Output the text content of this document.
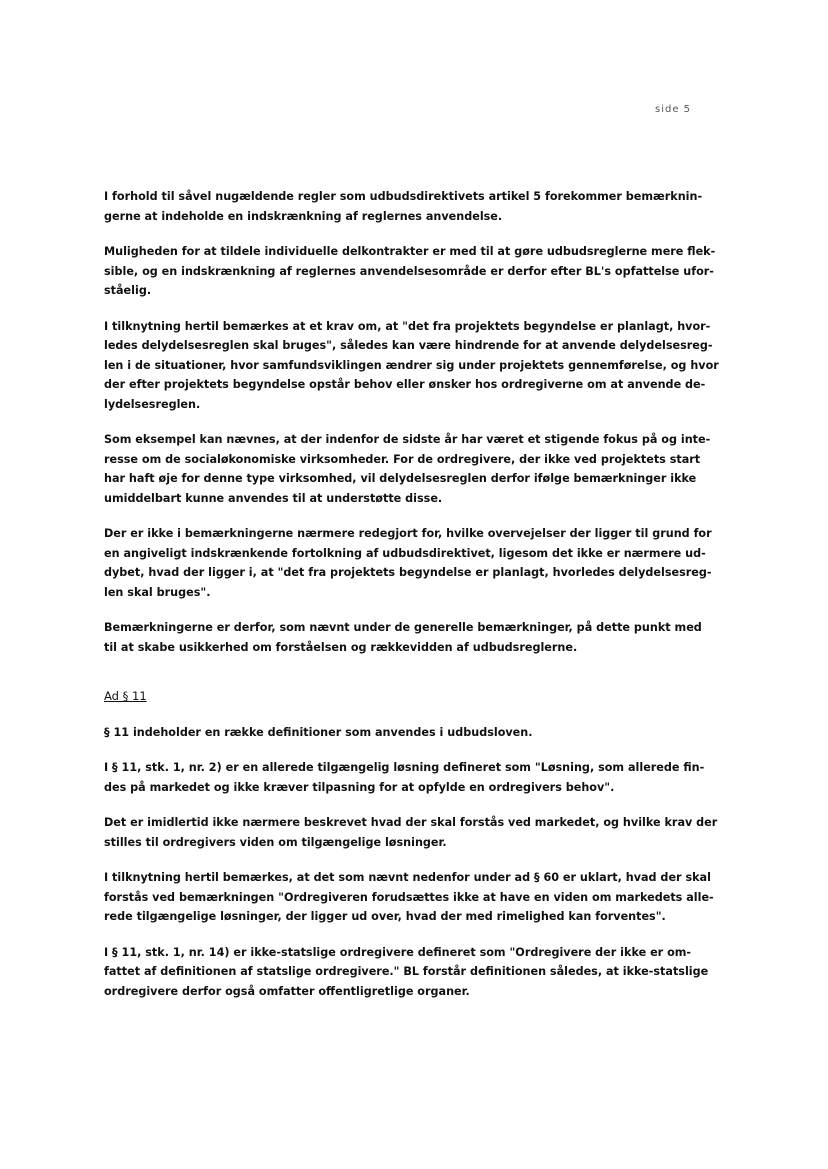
side 5
I forhold til såvel nugældende regler som udbudsdirektivets artikel 5 forekommer bemærknin-
gerne at indeholde en indskrænkning af reglernes anvendelse.
Muligheden for at tildele individuelle delkontrakter er med til at gøre udbudsreglerne mere flek-
sible, og en indskrænkning af reglernes anvendelsesområde er derfor efter BL's opfattelse ufor-
ståelig.
I tilknytning hertil bemærkes at et krav om, at "det fra projektets begyndelse er planlagt, hvor-
ledes delydelsesreglen skal bruges", således kan være hindrende for at anvende delydelsesreg-
len i de situationer, hvor samfundsviklingen ændrer sig under projektets gennemførelse, og hvor
der efter projektets begyndelse opstår behov eller ønsker hos ordregiverne om at anvende de-
lydelsesreglen.
Som eksempel kan nævnes, at der indenfor de sidste år har været et stigende fokus på og inte-
resse om de socialøkonomiske virksomheder. For de ordregivere, der ikke ved projektets start
har haft øje for denne type virksomhed, vil delydelsesreglen derfor ifølge bemærkninger ikke
umiddelbart kunne anvendes til at understøtte disse.
Der er ikke i bemærkningerne nærmere redegjort for, hvilke overvejelser der ligger til grund for
en angiveligt indskrænkende fortolkning af udbudsdirektivet, ligesom det ikke er nærmere ud-
dybet, hvad der ligger i, at "det fra projektets begyndelse er planlagt, hvorledes delydelsesreg-
len skal bruges".
Bemærkningerne er derfor, som nævnt under de generelle bemærkninger, på dette punkt med
til at skabe usikkerhed om forståelsen og rækkevidden af udbudsreglerne.
Ad § 11
§ 11 indeholder en række definitioner som anvendes i udbudsloven.
I § 11, stk. 1, nr. 2) er en allerede tilgængelig løsning defineret som "Løsning, som allerede fin-
des på markedet og ikke kræver tilpasning for at opfylde en ordregivers behov".
Det er imidlertid ikke nærmere beskrevet hvad der skal forstås ved markedet, og hvilke krav der
stilles til ordregivers viden om tilgængelige løsninger.
I tilknytning hertil bemærkes, at det som nævnt nedenfor under ad § 60 er uklart, hvad der skal
forstås ved bemærkningen "Ordregiveren forudsættes ikke at have en viden om markedets alle-
rede tilgængelige løsninger, der ligger ud over, hvad der med rimelighed kan forventes".
I § 11, stk. 1, nr. 14) er ikke-statslige ordregivere defineret som "Ordregivere der ikke er om-
fattet af definitionen af statslige ordregivere." BL forstår definitionen således, at ikke-statslige
ordregivere derfor også omfatter offentligretlige organer.
